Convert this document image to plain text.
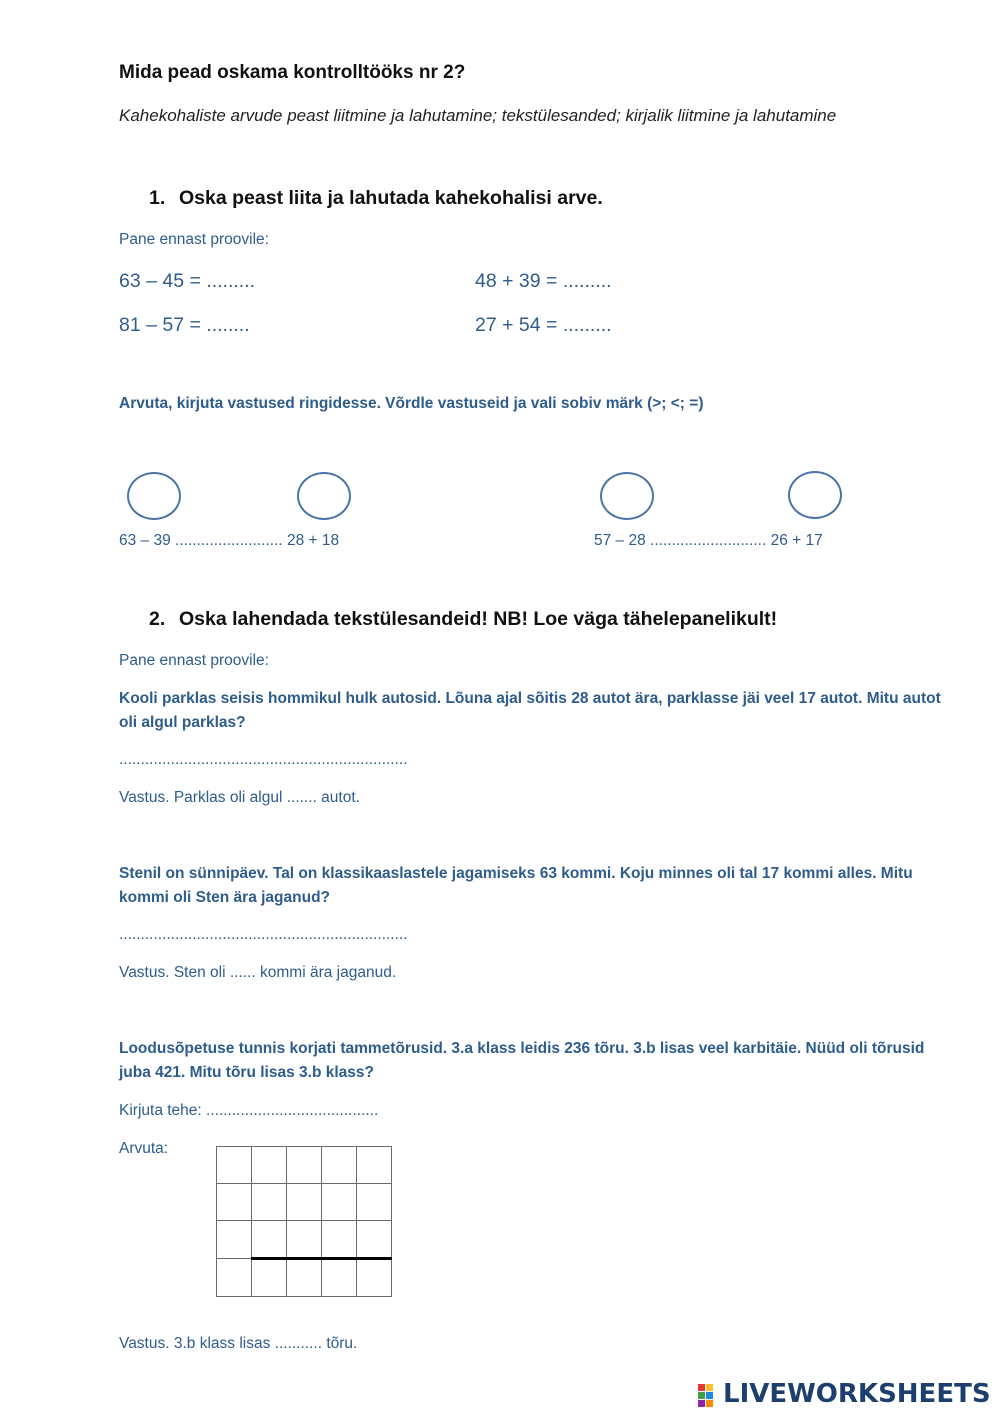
Mida pead oskama kontrolltööks nr 2?
Kahekohaliste arvude peast liitmine ja lahutamine; tekstülesanded; kirjalik liitmine ja lahutamine
1. Oska peast liita ja lahutada kahekohalisi arve.
Pane ennast proovile:
63 – 45 = .........	48 + 39 = .........
81 – 57 = ........	27 + 54 = .........
Arvuta, kirjuta vastused ringidesse. Võrdle vastuseid ja vali sobiv märk (>; <; =)
63 – 39 ......................... 28 + 18	57 – 28 ........................... 26 + 17
2. Oska lahendada tekstülesandeid! NB! Loe väga tähelepanelikult!
Pane ennast proovile:
Kooli parklas seisis hommikul hulk autosid. Lõuna ajal sõitis 28 autot ära, parklasse jäi veel 17 autot. Mitu autot oli algul parklas?
...................................................................
Vastus. Parklas oli algul ....... autot.
Stenil on sünnipäev. Tal on klassikaaslastele jagamiseks 63 kommi. Koju minnes oli tal 17 kommi alles. Mitu kommi oli Sten ära jaganud?
...................................................................
Vastus. Sten oli ...... kommi ära jaganud.
Loodusõpetuse tunnis korjati tammetõrusid. 3.a klass leidis 236 tõru. 3.b lisas veel karbitäie. Nüüd oli tõrusid juba 421. Mitu tõru lisas 3.b klass?
Kirjuta tehe: ........................................
Arvuta:

Vastus. 3.b klass lisas ........... tõru.
LIVEWORKSHEETS
